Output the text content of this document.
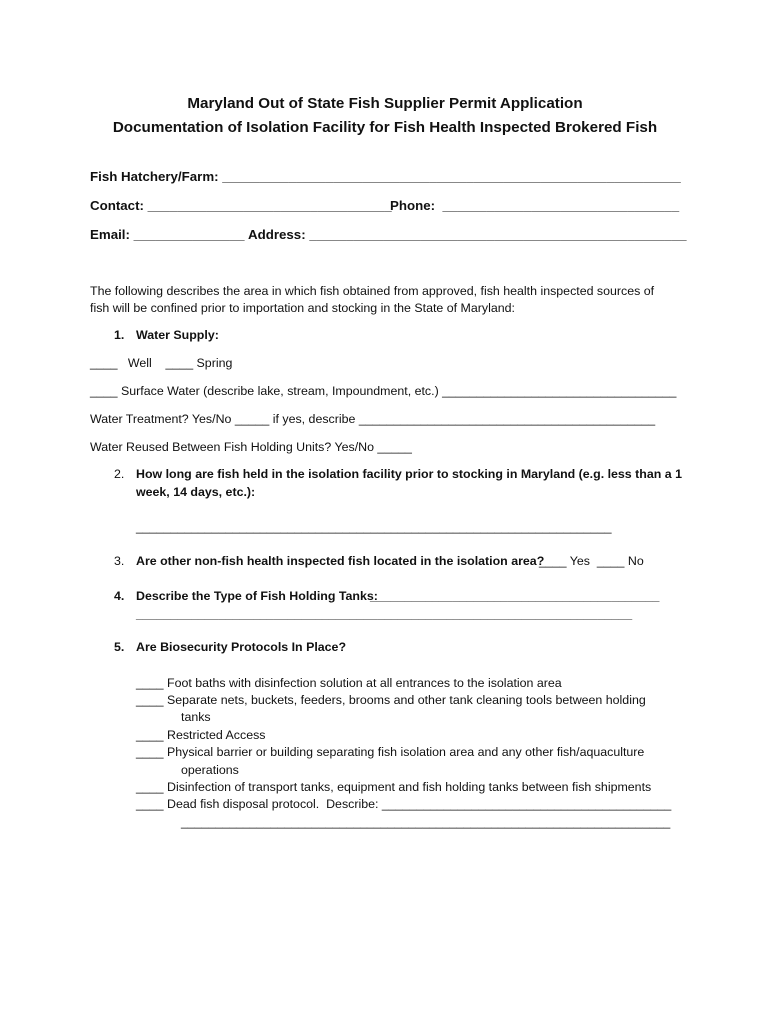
Maryland Out of State Fish Supplier Permit Application
Documentation of Isolation Facility for Fish Health Inspected Brokered Fish
Fish Hatchery/Farm: ______________________________________________________________
Contact: _________________________________
Phone:  ________________________________
Email: _______________ Address: ___________________________________________________
The following describes the area in which fish obtained from approved, fish health inspected sources of
fish will be confined prior to importation and stocking in the State of Maryland:
1. Water Supply:
____   Well    ____ Spring
____ Surface Water (describe lake, stream, Impoundment, etc.) __________________________________
Water Treatment? Yes/No _____ if yes, describe ___________________________________________
Water Reused Between Fish Holding Units? Yes/No _____
2. How long are fish held in the isolation facility prior to stocking in Maryland (e.g. less than a 1
week, 14 days, etc.):
_____________________________________________________________________
3. Are other non-fish health inspected fish located in the isolation area?
____ Yes  ____ No
4. Describe the Type of Fish Holding Tanks:
__________________________________________
________________________________________________________________________
5. Are Biosecurity Protocols In Place?
____ Foot baths with disinfection solution at all entrances to the isolation area
____ Separate nets, buckets, feeders, brooms and other tank cleaning tools between holding
tanks
____ Restricted Access
____ Physical barrier or building separating fish isolation area and any other fish/aquaculture
operations
____ Disinfection of transport tanks, equipment and fish holding tanks between fish shipments
____ Dead fish disposal protocol.  Describe: __________________________________________
_______________________________________________________________________
